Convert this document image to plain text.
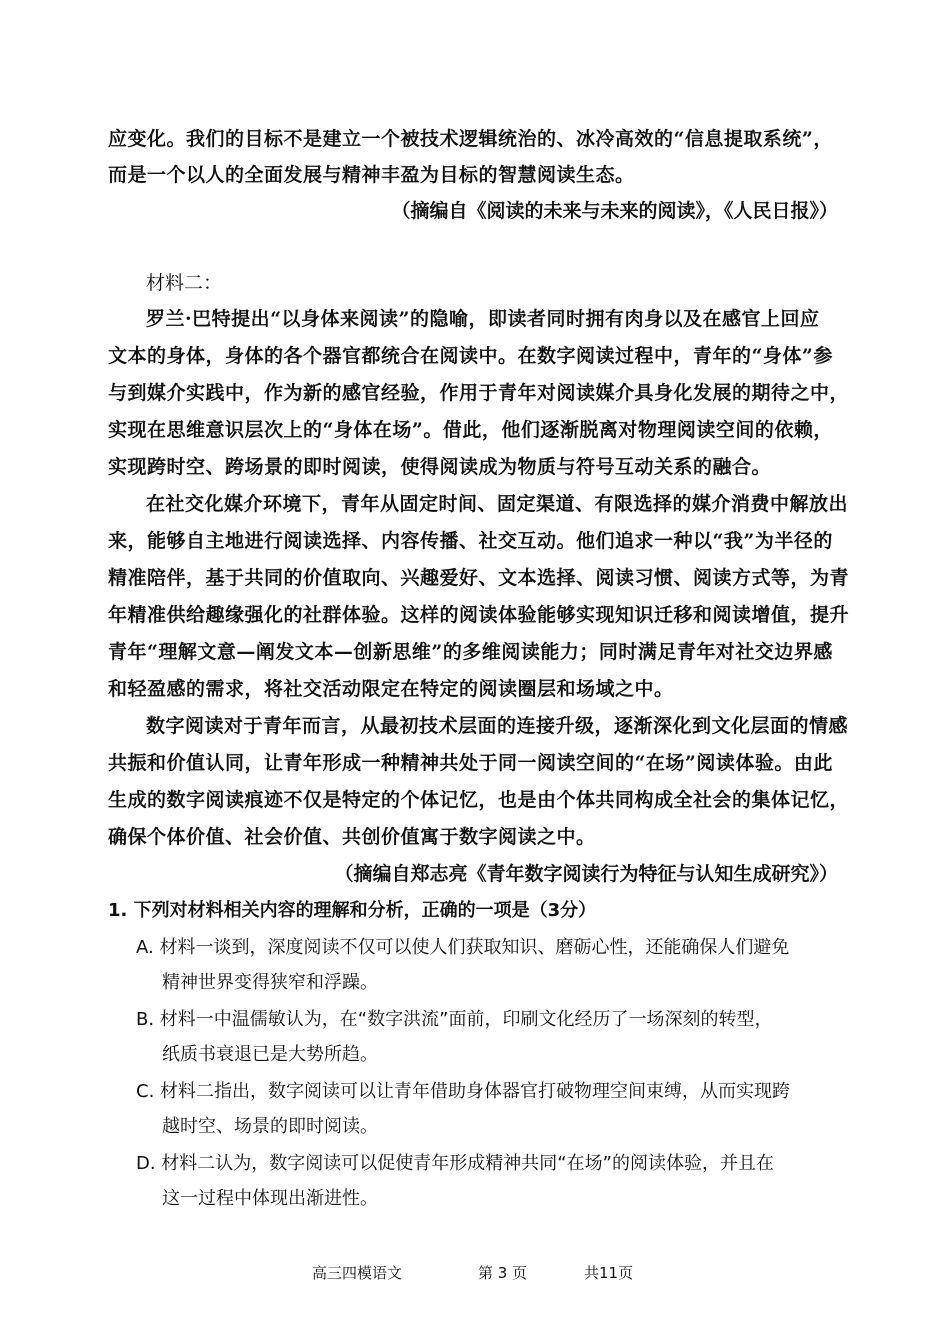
应变化。我们的目标不是建立一个被技术逻辑统治的、冰冷高效的“信息提取系统”，
而是一个以人的全面发展与精神丰盈为目标的智慧阅读生态。
（摘编自《阅读的未来与未来的阅读》，《人民日报》）
材料二：
罗兰·巴特提出“以身体来阅读”的隐喻，即读者同时拥有肉身以及在感官上回应
文本的身体，身体的各个器官都统合在阅读中。在数字阅读过程中，青年的“身体”参
与到媒介实践中，作为新的感官经验，作用于青年对阅读媒介具身化发展的期待之中，
实现在思维意识层次上的“身体在场”。借此，他们逐渐脱离对物理阅读空间的依赖，
实现跨时空、跨场景的即时阅读，使得阅读成为物质与符号互动关系的融合。
在社交化媒介环境下，青年从固定时间、固定渠道、有限选择的媒介消费中解放出
来，能够自主地进行阅读选择、内容传播、社交互动。他们追求一种以“我”为半径的
精准陪伴，基于共同的价值取向、兴趣爱好、文本选择、阅读习惯、阅读方式等，为青
年精准供给趣缘强化的社群体验。这样的阅读体验能够实现知识迁移和阅读增值，提升
青年“理解文意—阐发文本—创新思维”的多维阅读能力；同时满足青年对社交边界感
和轻盈感的需求，将社交活动限定在特定的阅读圈层和场域之中。
数字阅读对于青年而言，从最初技术层面的连接升级，逐渐深化到文化层面的情感
共振和价值认同，让青年形成一种精神共处于同一阅读空间的“在场”阅读体验。由此
生成的数字阅读痕迹不仅是特定的个体记忆，也是由个体共同构成全社会的集体记忆，
确保个体价值、社会价值、共创价值寓于数字阅读之中。
（摘编自郑志亮《青年数字阅读行为特征与认知生成研究》）
1. 下列对材料相关内容的理解和分析，正确的一项是（3分）
A. 材料一谈到，深度阅读不仅可以使人们获取知识、磨砺心性，还能确保人们避免
精神世界变得狭窄和浮躁。
B. 材料一中温儒敏认为，在“数字洪流”面前，印刷文化经历了一场深刻的转型，
纸质书衰退已是大势所趋。
C. 材料二指出，数字阅读可以让青年借助身体器官打破物理空间束缚，从而实现跨
越时空、场景的即时阅读。
D. 材料二认为，数字阅读可以促使青年形成精神共同“在场”的阅读体验，并且在
这一过程中体现出渐进性。
高三四模语文	第 3 页	共11页
